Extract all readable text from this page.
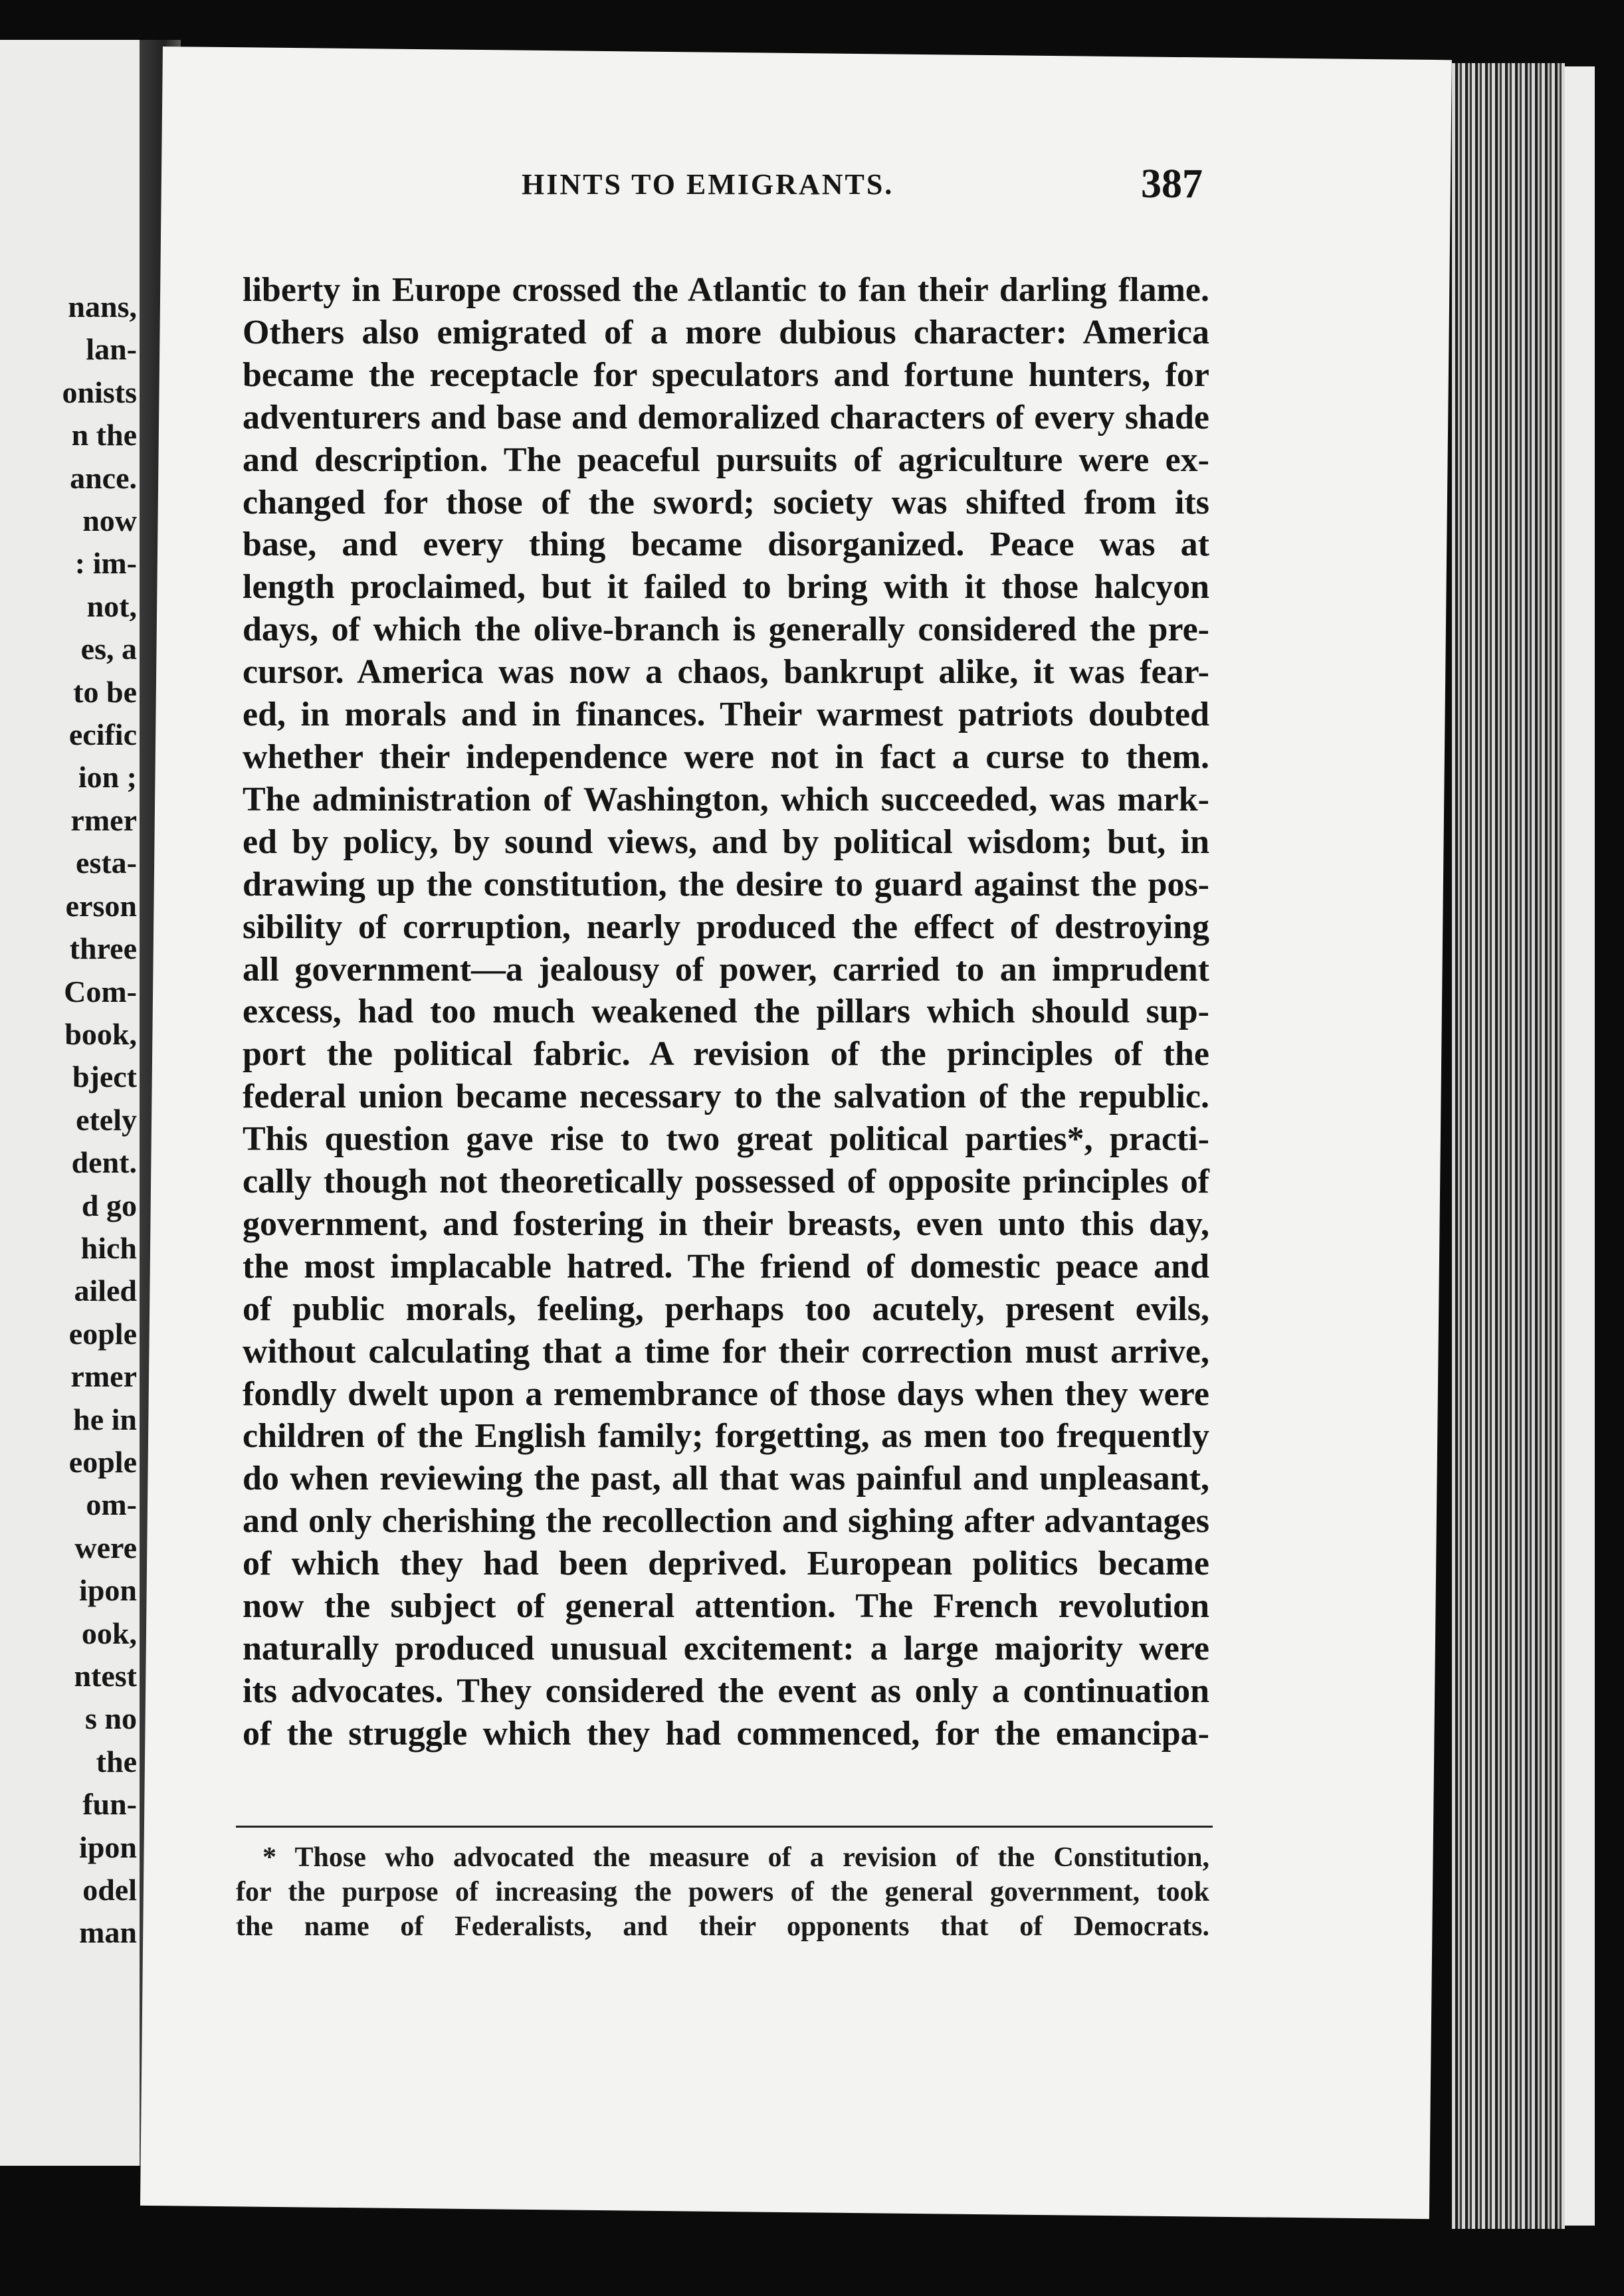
nans,
lan-
onists
n the
ance.
now
: im-
not,
es, a
to be
ecific
ion ;
rmer
esta-
erson
three
Com-
book,
bject
etely
dent.
d go
hich
ailed
eople
rmer
he in
eople
om-
were
ipon
ook,
ntest
s no
the
fun-
ipon
odel
man
HINTS TO EMIGRANTS.	387
liberty in Europe crossed the Atlantic to fan their darling flame.
Others also emigrated of a more dubious character: America
became the receptacle for speculators and fortune hunters, for
adventurers and base and demoralized characters of every shade
and description. The peaceful pursuits of agriculture were ex-
changed for those of the sword; society was shifted from its
base, and every thing became disorganized. Peace was at
length proclaimed, but it failed to bring with it those halcyon
days, of which the olive-branch is generally considered the pre-
cursor. America was now a chaos, bankrupt alike, it was fear-
ed, in morals and in finances. Their warmest patriots doubted
whether their independence were not in fact a curse to them.
The administration of Washington, which succeeded, was mark-
ed by policy, by sound views, and by political wisdom; but, in
drawing up the constitution, the desire to guard against the pos-
sibility of corruption, nearly produced the effect of destroying
all government—a jealousy of power, carried to an imprudent
excess, had too much weakened the pillars which should sup-
port the political fabric. A revision of the principles of the
federal union became necessary to the salvation of the republic.
This question gave rise to two great political parties*, practi-
cally though not theoretically possessed of opposite principles of
government, and fostering in their breasts, even unto this day,
the most implacable hatred. The friend of domestic peace and
of public morals, feeling, perhaps too acutely, present evils,
without calculating that a time for their correction must arrive,
fondly dwelt upon a remembrance of those days when they were
children of the English family; forgetting, as men too frequently
do when reviewing the past, all that was painful and unpleasant,
and only cherishing the recollection and sighing after advantages
of which they had been deprived. European politics became
now the subject of general attention. The French revolution
naturally produced unusual excitement: a large majority were
its advocates. They considered the event as only a continuation
of the struggle which they had commenced, for the emancipa-
* Those who advocated the measure of a revision of the Constitution,
for the purpose of increasing the powers of the general government, took
the name of Federalists, and their opponents that of Democrats.
